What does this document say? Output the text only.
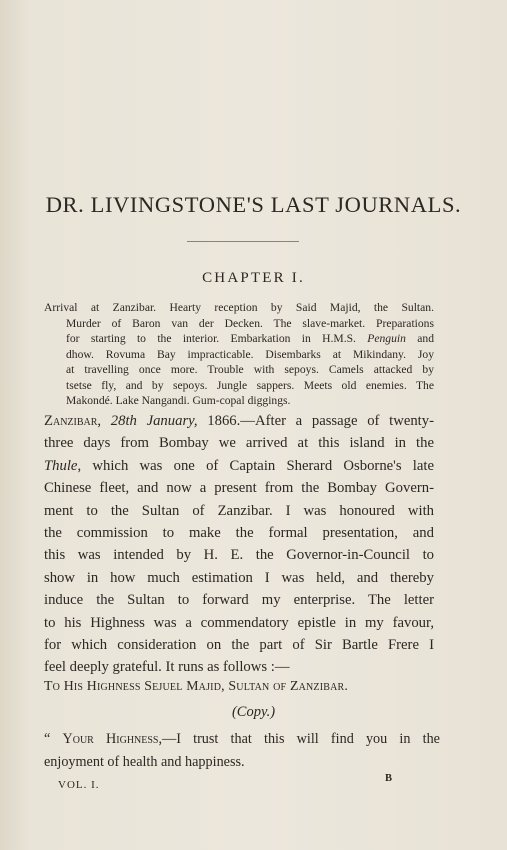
DR. LIVINGSTONE'S LAST JOURNALS.
CHAPTER I.
Arrival at Zanzibar. Hearty reception by Said Majid, the Sultan.
Murder of Baron van der Decken. The slave-market. Preparations
for starting to the interior. Embarkation in H.M.S. Penguin and
dhow. Rovuma Bay impracticable. Disembarks at Mikindany. Joy
at travelling once more. Trouble with sepoys. Camels attacked by
tsetse fly, and by sepoys. Jungle sappers. Meets old enemies. The
Makondé. Lake Nangandi. Gum-copal diggings.
Zanzibar, 28th January, 1866.—After a passage of twenty-
three days from Bombay we arrived at this island in the
Thule, which was one of Captain Sherard Osborne's late
Chinese fleet, and now a present from the Bombay Govern-
ment to the Sultan of Zanzibar. I was honoured with
the commission to make the formal presentation, and
this was intended by H. E. the Governor-in-Council to
show in how much estimation I was held, and thereby
induce the Sultan to forward my enterprise. The letter
to his Highness was a commendatory epistle in my favour,
for which consideration on the part of Sir Bartle Frere I
feel deeply grateful. It runs as follows :—
To His Highness Sejuel Majid, Sultan of Zanzibar.
(Copy.)
“ Your Highness,—I trust that this will find you in the
enjoyment of health and happiness.
VOL. I.
B
